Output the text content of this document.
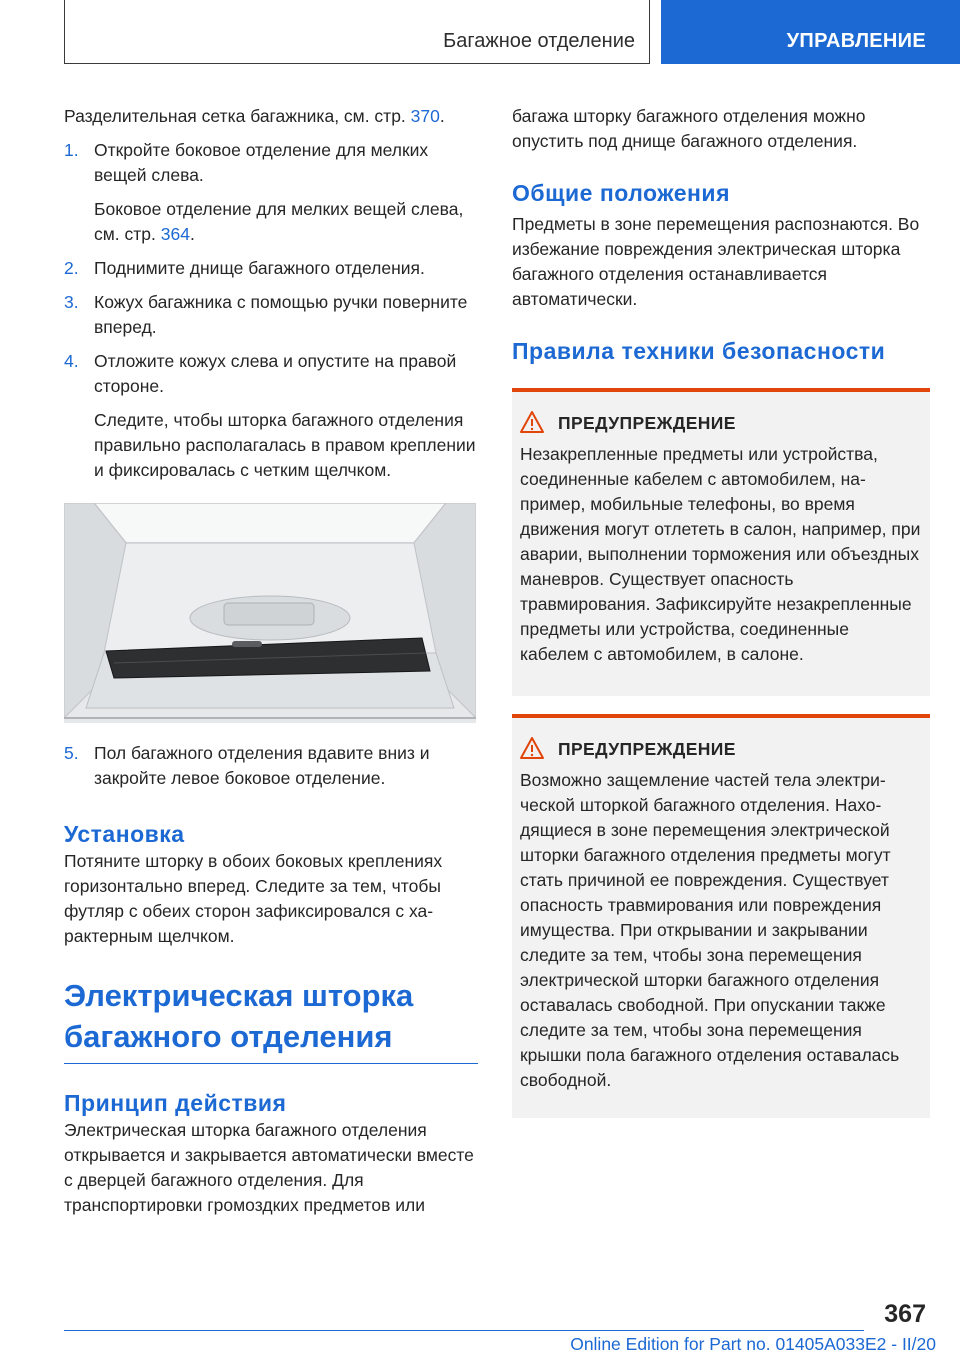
Багажное отделение	УПРАВЛЕНИЕ

Разделительная сетка багажника, см. стр. 370.

1. Откройте боковое отделение для мелких вещей слева.

Боковое отделение для мелких вещей слева, см. стр. 364.

2. Поднимите днище багажного отделения.

3. Кожух багажника с помощью ручки поверните вперед.

4. Отложите кожух слева и опустите на правой стороне.

Следите, чтобы шторка багажного отделения правильно располагалась в правом креплении и фиксировалась с четким щелчком.

5. Пол багажного отделения вдавите вниз и закройте левое боковое отделение.

Установка

Потяните шторку в обоих боковых креплениях горизонтально вперед. Следите за тем, чтобы футляр с обеих сторон зафиксировался с характерным щелчком.

Электрическая шторка
багажного отделения
Принцип действия

Электрическая шторка багажного отделения открывается и закрывается автоматически вместе с дверцей багажного отделения. Для транспортировки громоздких предметов или

багажа шторку багажного отделения можно опустить под днище багажного отделения.

Общие положения

Предметы в зоне перемещения распознаются. Во избежание повреждения электрическая шторка багажного отделения останавливается автоматически.

Правила техники безопасности
ПРЕДУПРЕЖДЕНИЕ

Незакрепленные предметы или устройства, соединенные кабелем с автомобилем, например, мобильные телефоны, во время движения могут отлететь в салон, например, при аварии, выполнении торможения или объездных маневров. Существует опасность травмирования. Зафиксируйте незакрепленные предметы или устройства, соединенные кабелем с автомобилем, в салоне.

ПРЕДУПРЕЖДЕНИЕ

Возможно защемление частей тела электрической шторкой багажного отделения. Находящиеся в зоне перемещения электрической шторки багажного отделения предметы могут стать причиной ее повреждения. Существует опасность травмирования или повреждения имущества. При открывании и закрывании следите за тем, чтобы зона перемещения электрической шторки багажного отделения оставалась свободной. При опускании также следите за тем, чтобы зона перемещения крышки пола багажного отделения оставалась свободной.

367
Online Edition for Part no. 01405A033E2 - II/20
